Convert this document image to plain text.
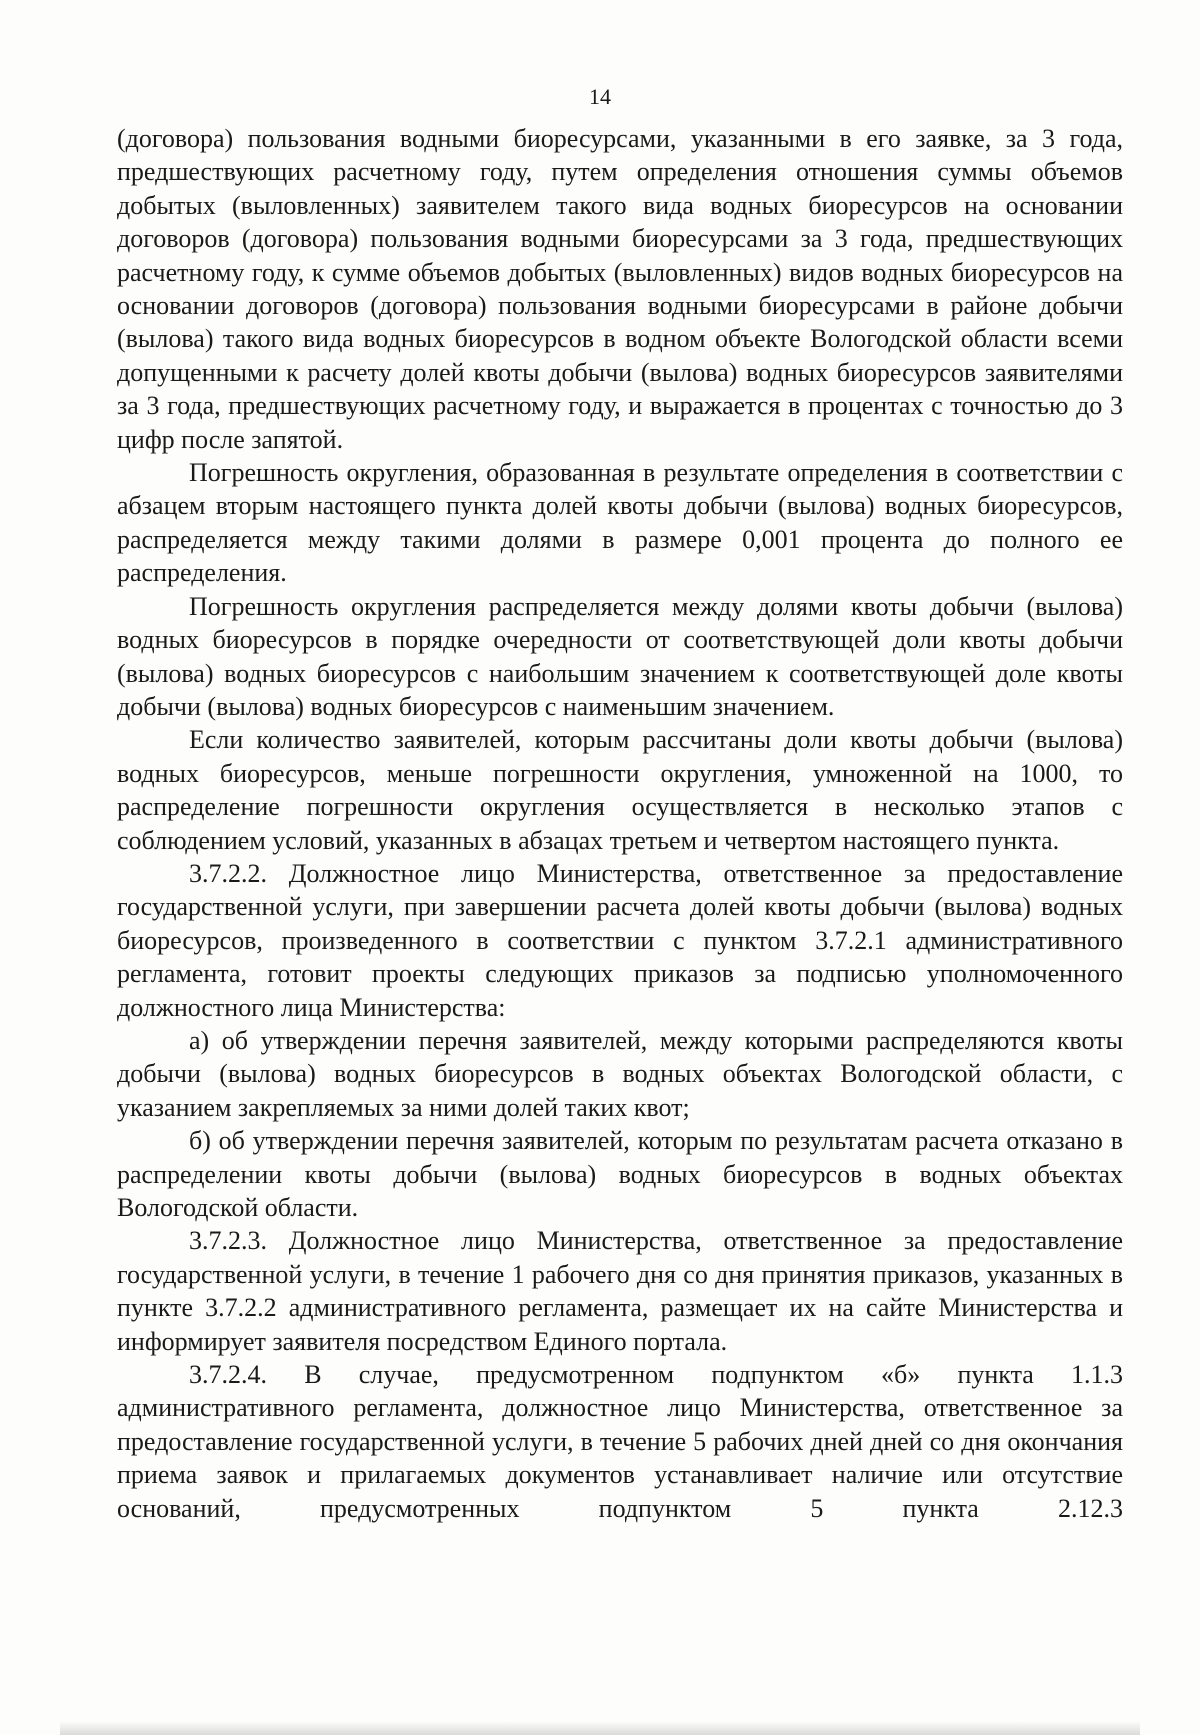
14

(договора) пользования водными биоресурсами, указанными в его заявке, за 3 года, предшествующих расчетному году, путем определения отношения суммы объемов добытых (выловленных) заявителем такого вида водных биоресурсов на основании договоров (договора) пользования водными биоресурсами за 3 года, предшествующих расчетному году, к сумме объемов добытых (выловленных) видов водных биоресурсов на основании договоров (договора) пользования водными биоресурсами в районе добычи (вылова) такого вида водных биоресурсов в водном объекте Вологодской области всеми допущенными к расчету долей квоты добычи (вылова) водных биоресурсов заявителями за 3 года, предшествующих расчетному году, и выражается в процентах с точностью до 3 цифр после запятой.

Погрешность округления, образованная в результате определения в соответствии с абзацем вторым настоящего пункта долей квоты добычи (вылова) водных биоресурсов, распределяется между такими долями в размере 0,001 процента до полного ее распределения.

Погрешность округления распределяется между долями квоты добычи (вылова) водных биоресурсов в порядке очередности от соответствующей доли квоты добычи (вылова) водных биоресурсов с наибольшим значением к соответствующей доле квоты добычи (вылова) водных биоресурсов с наименьшим значением.

Если количество заявителей, которым рассчитаны доли квоты добычи (вылова) водных биоресурсов, меньше погрешности округления, умноженной на 1000, то распределение погрешности округления осуществляется в несколько этапов с соблюдением условий, указанных в абзацах третьем и четвертом настоящего пункта.

3.7.2.2. Должностное лицо Министерства, ответственное за предоставление государственной услуги, при завершении расчета долей квоты добычи (вылова) водных биоресурсов, произведенного в соответствии с пунктом 3.7.2.1 административного регламента, готовит проекты следующих приказов за подписью уполномоченного должностного лица Министерства:

а) об утверждении перечня заявителей, между которыми распределяются квоты добычи (вылова) водных биоресурсов в водных объектах Вологодской области, с указанием закрепляемых за ними долей таких квот;

б) об утверждении перечня заявителей, которым по результатам расчета отказано в распределении квоты добычи (вылова) водных биоресурсов в водных объектах Вологодской области.

3.7.2.3. Должностное лицо Министерства, ответственное за предоставление государственной услуги, в течение 1 рабочего дня со дня принятия приказов, указанных в пункте 3.7.2.2 административного регламента, размещает их на сайте Министерства и информирует заявителя посредством Единого портала.

3.7.2.4. В случае, предусмотренном подпунктом «б» пункта 1.1.3 административного регламента, должностное лицо Министерства, ответственное за предоставление государственной услуги, в течение 5 рабочих дней дней со дня окончания приема заявок и прилагаемых документов устанавливает наличие или отсутствие оснований, предусмотренных подпунктом 5 пункта 2.12.3
